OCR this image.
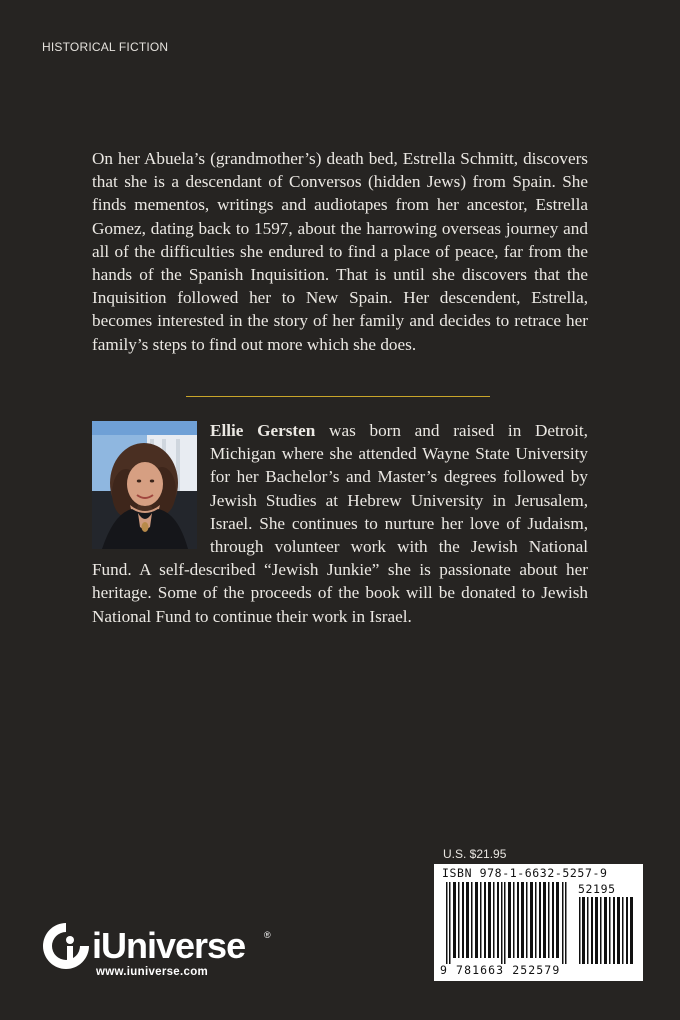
HISTORICAL FICTION

On her Abuela’s (grandmother’s) death bed, Estrella Schmitt, discovers that she is a descendant of Conversos (hidden Jews) from Spain. She finds mementos, writings and audiotapes from her ancestor, Estrella Gomez, dating back to 1597, about the harrowing overseas journey and all of the difficulties she endured to find a place of peace, far from the hands of the Spanish Inquisition. That is until she discovers that the Inquisition followed her to New Spain. Her descendent, Estrella, becomes interested in the story of her family and decides to retrace her family’s steps to find out more which she does.

Ellie Gersten was born and raised in Detroit, Michigan where she attended Wayne State University for her Bachelor’s and Master’s degrees followed by Jewish Studies at Hebrew University in Jerusalem, Israel. She continues to nurture her love of Judaism, through volunteer work with the Jewish National Fund. A self-described “Jewish Junkie” she is passionate about her heritage. Some of the proceeds of the book will be donated to Jewish National Fund to continue their work in Israel.
U.S. $21.95
ISBN 978-1-6632-5257-9
52195
9 781663 252579
iUniverse ®
www.iuniverse.com
